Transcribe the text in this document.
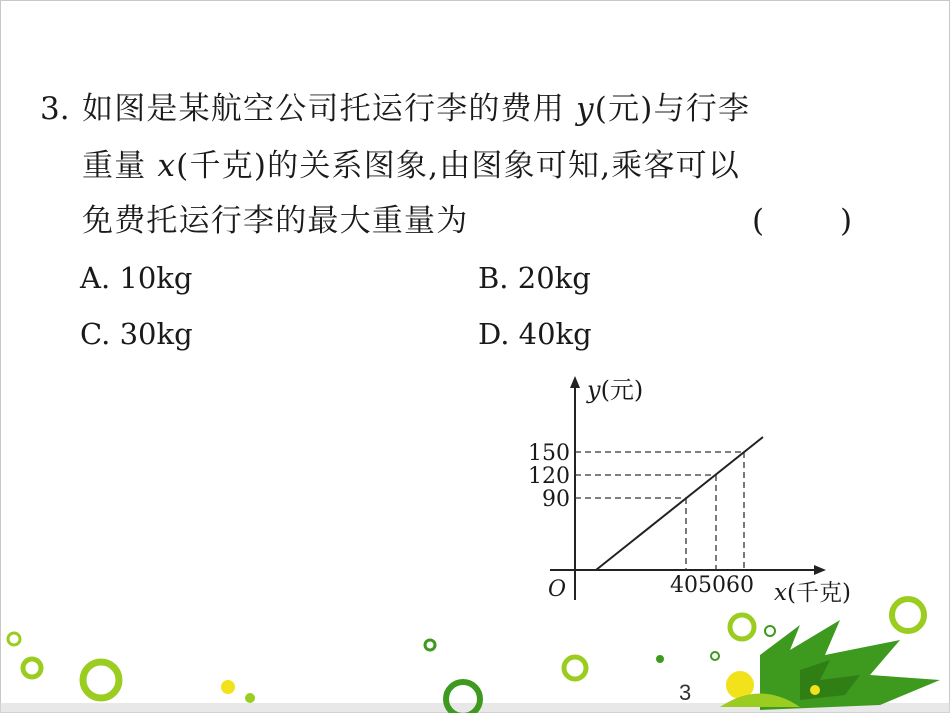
3. 如图是某航空公司托运行李的费用 y(元)与行李
重量 x(千克)的关系图象,由图象可知,乘客可以
免费托运行李的最大重量为	( )
A. 10kg	B. 20kg
C. 30kg	D. 40kg
y(元)
150
120
90
O	405060 x(千克)
3
